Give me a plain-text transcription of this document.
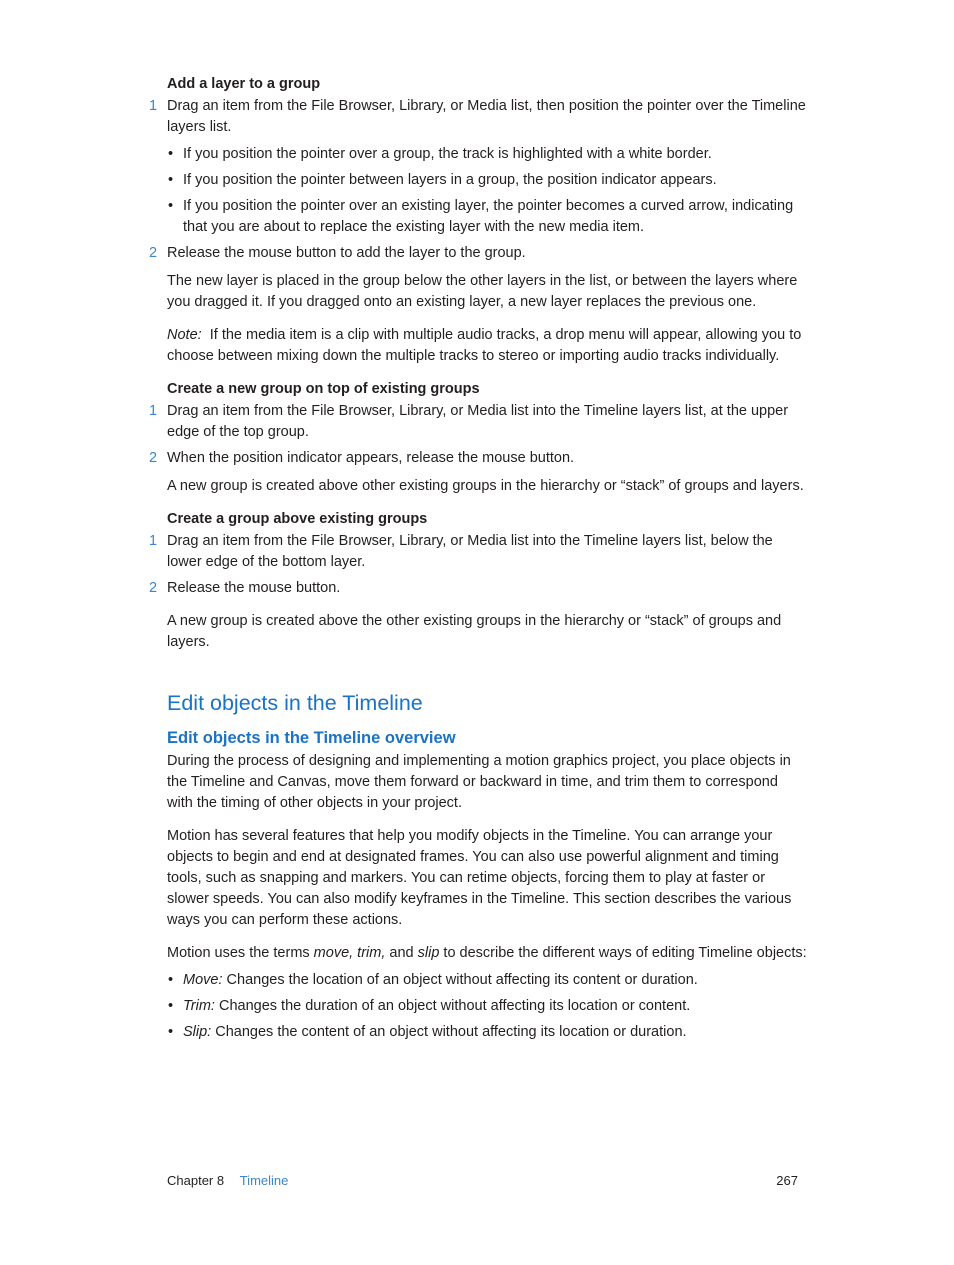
Add a layer to a group

1 Drag an item from the File Browser, Library, or Media list, then position the pointer over the Timeline layers list.
• If you position the pointer over a group, the track is highlighted with a white border.
• If you position the pointer between layers in a group, the position indicator appears.
• If you position the pointer over an existing layer, the pointer becomes a curved arrow, indicating that you are about to replace the existing layer with the new media item.
2 Release the mouse button to add the layer to the group.

The new layer is placed in the group below the other layers in the list, or between the layers where you dragged it. If you dragged onto an existing layer, a new layer replaces the previous one.

Note: If the media item is a clip with multiple audio tracks, a drop menu will appear, allowing you to choose between mixing down the multiple tracks to stereo or importing audio tracks individually.

Create a new group on top of existing groups

1 Drag an item from the File Browser, Library, or Media list into the Timeline layers list, at the upper edge of the top group.
2 When the position indicator appears, release the mouse button.

A new group is created above other existing groups in the hierarchy or “stack” of groups and layers.

Create a group above existing groups

1 Drag an item from the File Browser, Library, or Media list into the Timeline layers list, below the lower edge of the bottom layer.
2 Release the mouse button.

A new group is created above the other existing groups in the hierarchy or “stack” of groups and layers.

Edit objects in the Timeline
Edit objects in the Timeline overview

During the process of designing and implementing a motion graphics project, you place objects in the Timeline and Canvas, move them forward or backward in time, and trim them to correspond with the timing of other objects in your project.

Motion has several features that help you modify objects in the Timeline. You can arrange your objects to begin and end at designated frames. You can also use powerful alignment and timing tools, such as snapping and markers. You can retime objects, forcing them to play at faster or slower speeds. You can also modify keyframes in the Timeline. This section describes the various ways you can perform these actions.

Motion uses the terms move, trim, and slip to describe the different ways of editing Timeline objects:

• Move: Changes the location of an object without affecting its content or duration.
• Trim: Changes the duration of an object without affecting its location or content.
• Slip: Changes the content of an object without affecting its location or duration.
Chapter 8 Timeline	267
